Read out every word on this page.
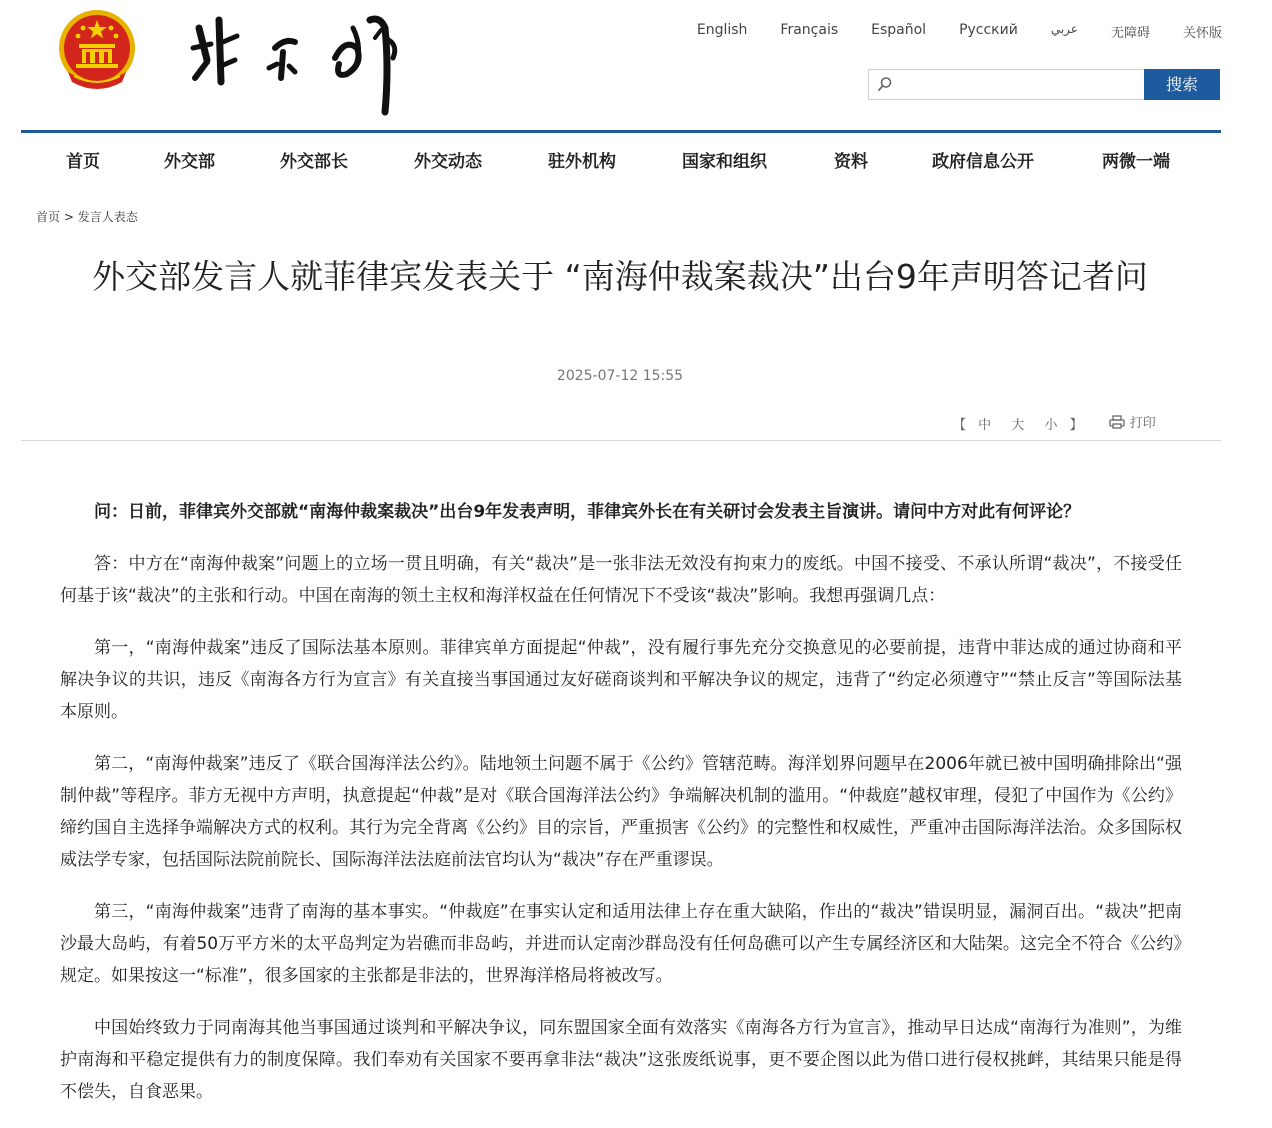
English Français Español Русский	عربي	无障碍	关怀版
搜索
首页	外交部	外交部长	外交动态	驻外机构	国家和组织	资料	政府信息公开	两微一端
首页 > 发言人表态
外交部发言人就菲律宾发表关于 “南海仲裁案裁决”出台9年声明答记者问
2025-07-12 15:55
【 中 大 小 】	打印

问：日前，菲律宾外交部就“南海仲裁案裁决”出台9年发表声明，菲律宾外长在有关研讨会发表主旨演讲。请问中方对此有何评论？

答：中方在“南海仲裁案”问题上的立场一贯且明确，有关“裁决”是一张非法无效没有拘束力的废纸。中国不接受、不承认所谓“裁决”，不接受任何基于该“裁决”的主张和行动。中国在南海的领土主权和海洋权益在任何情况下不受该“裁决”影响。我想再强调几点：

第一，“南海仲裁案”违反了国际法基本原则。菲律宾单方面提起“仲裁”，没有履行事先充分交换意见的必要前提，违背中菲达成的通过协商和平解决争议的共识，违反《南海各方行为宣言》有关直接当事国通过友好磋商谈判和平解决争议的规定，违背了“约定必须遵守”“禁止反言”等国际法基本原则。

第二，“南海仲裁案”违反了《联合国海洋法公约》。陆地领土问题不属于《公约》管辖范畴。海洋划界问题早在2006年就已被中国明确排除出“强制仲裁”等程序。菲方无视中方声明，执意提起“仲裁”是对《联合国海洋法公约》争端解决机制的滥用。“仲裁庭”越权审理，侵犯了中国作为《公约》缔约国自主选择争端解决方式的权利。其行为完全背离《公约》目的宗旨，严重损害《公约》的完整性和权威性，严重冲击国际海洋法治。众多国际权威法学专家，包括国际法院前院长、国际海洋法法庭前法官均认为“裁决”存在严重谬误。

第三，“南海仲裁案”违背了南海的基本事实。“仲裁庭”在事实认定和适用法律上存在重大缺陷，作出的“裁决”错误明显，漏洞百出。“裁决”把南沙最大岛屿，有着50万平方米的太平岛判定为岩礁而非岛屿，并进而认定南沙群岛没有任何岛礁可以产生专属经济区和大陆架。这完全不符合《公约》规定。如果按这一“标准”，很多国家的主张都是非法的，世界海洋格局将被改写。

中国始终致力于同南海其他当事国通过谈判和平解决争议，同东盟国家全面有效落实《南海各方行为宣言》，推动早日达成“南海行为准则”，为维护南海和平稳定提供有力的制度保障。我们奉劝有关国家不要再拿非法“裁决”这张废纸说事，更不要企图以此为借口进行侵权挑衅，其结果只能是得不偿失，自食恶果。
